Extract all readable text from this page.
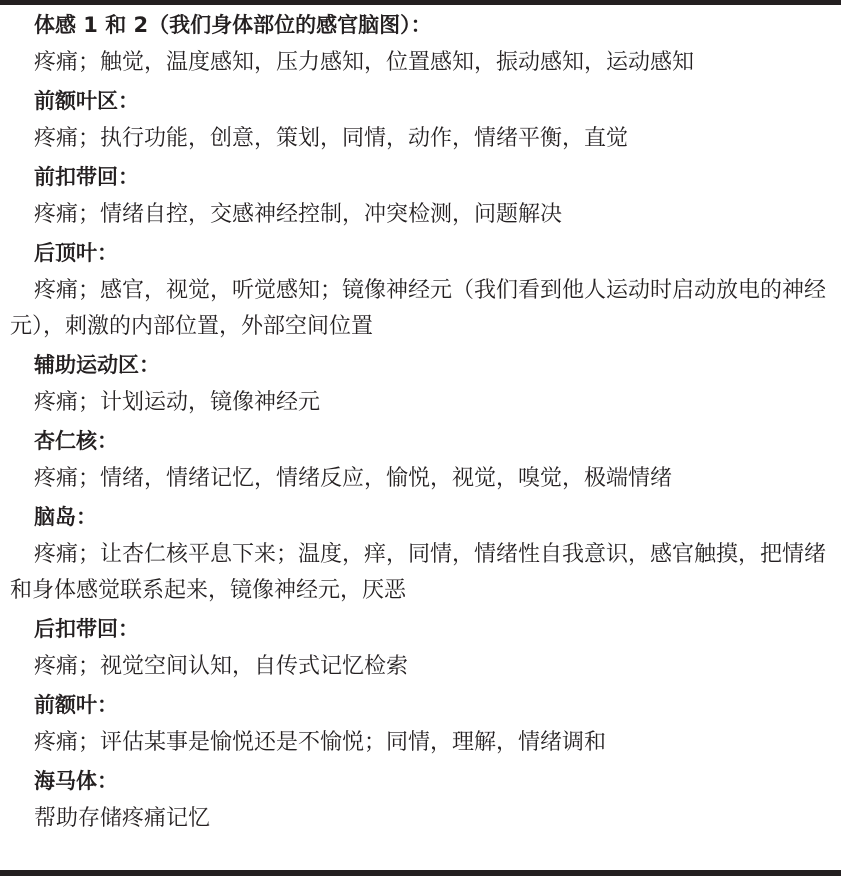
体感 1 和 2（我们身体部位的感官脑图）：

疼痛；触觉，温度感知，压力感知，位置感知，振动感知，运动感知

前额叶区：

疼痛；执行功能，创意，策划，同情，动作，情绪平衡，直觉

前扣带回：

疼痛；情绪自控，交感神经控制，冲突检测，问题解决

后顶叶：

疼痛；感官，视觉，听觉感知；镜像神经元（我们看到他人运动时启动放电的神经元），刺激的内部位置，外部空间位置

辅助运动区：

疼痛；计划运动，镜像神经元

杏仁核：

疼痛；情绪，情绪记忆，情绪反应，愉悦，视觉，嗅觉，极端情绪

脑岛：

疼痛；让杏仁核平息下来；温度，痒，同情，情绪性自我意识，感官触摸，把情绪和身体感觉联系起来，镜像神经元，厌恶

后扣带回：

疼痛；视觉空间认知，自传式记忆检索

前额叶：

疼痛；评估某事是愉悦还是不愉悦；同情，理解，情绪调和

海马体：

帮助存储疼痛记忆
